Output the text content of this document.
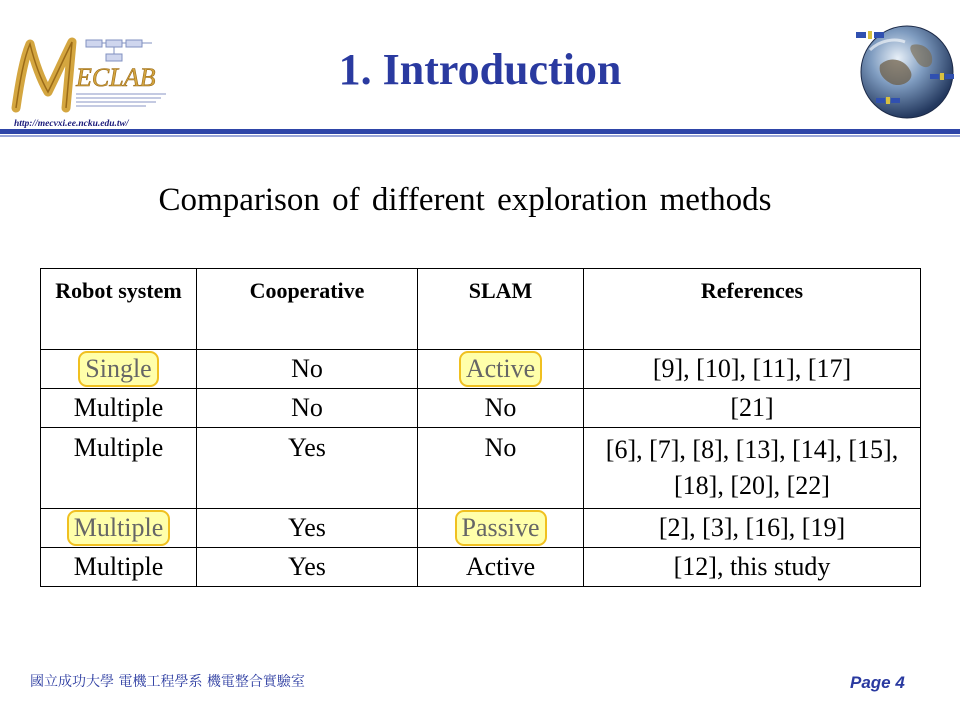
ECLAB
http://mecvxi.ee.ncku.edu.tw/
1. Introduction
Comparison of different exploration methods
Robot system	Cooperative	SLAM	References
Single	No	Active	[9], [10], [11], [17]
Multiple	No	No	[21]
Multiple	Yes	No	[6], [7], [8], [13], [14], [15], [18], [20], [22]
Multiple	Yes	Passive	[2], [3], [16], [19]
Multiple	Yes	Active	[12], this study
國立成功大學 電機工程學系 機電整合實驗室	Page 4
